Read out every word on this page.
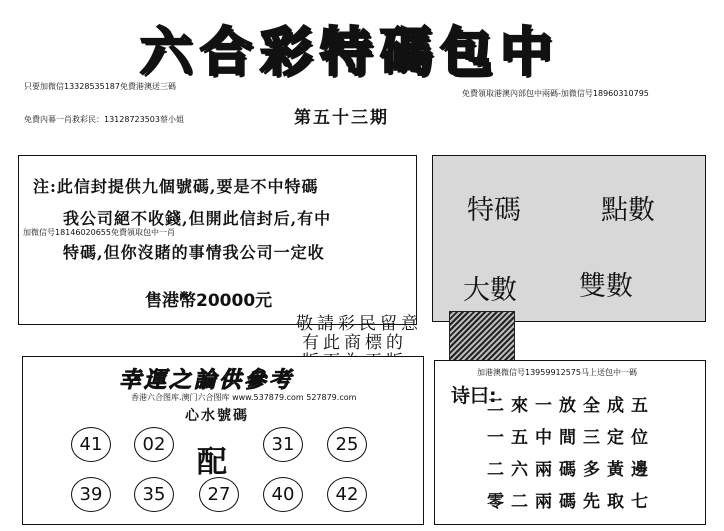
六合彩特碼包中
只要加微信13328535187免費港澳送三碼
免費領取港澳內部包中兩碼-加微信号18960310795
免費內幕一肖救彩民：13128723503蔡小姐	第五十三期
注:此信封提供九個號碼,要是不中特碼
我公司絕不收錢,但開此信封后,有中
加微信号18146020655免費領取包中一肖
特碼,但你沒賭的事情我公司一定收
售港幣20000元
特碼	點數
大數 雙數
敬請彩民留意
有此商標的
幸運之論供參考
香港六合图库.澳门六合图库 www.537879.com 527879.com
心水號碼
配
41	02	31	25
39	35	27	40	42
加港澳微信号13959912575马上送包中一碼
诗曰:
二來一放全成五
一五中間三定位
二六兩碼多黃邊
零二兩碼先取七
